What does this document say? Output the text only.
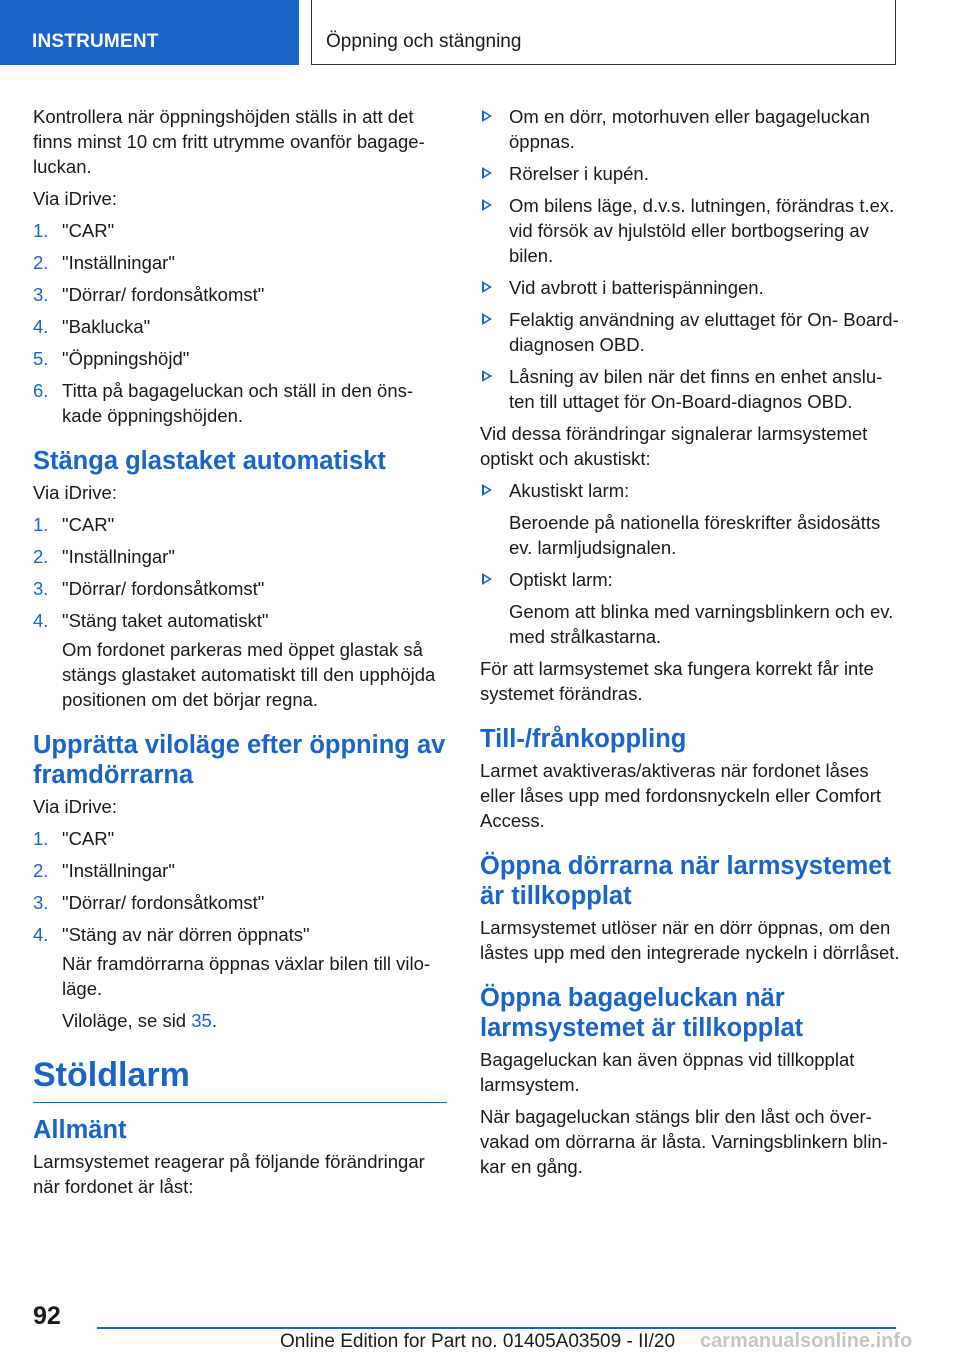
INSTRUMENT	Öppning och stängning
Kontrollera när öppningshöjden ställs in att det finns minst 10 cm fritt utrymme ovanför bagage- luckan.
Via iDrive:
1. "CAR"
2. "Inställningar"
3. "Dörrar/ fordonsåtkomst"
4. "Baklucka"
5. "Öppningshöjd"
6. Titta på bagageluckan och ställ in den öns- kade öppningshöjden.
Stänga glastaket automatiskt
Via iDrive:
1. "CAR"
2. "Inställningar"
3. "Dörrar/ fordonsåtkomst"
4. "Stäng taket automatiskt"
Om fordonet parkeras med öppet glastak så stängs glastaket automatiskt till den upphöjda positionen om det börjar regna.
Upprätta viloläge efter öppning av framdörrarna
Via iDrive:
1. "CAR"
2. "Inställningar"
3. "Dörrar/ fordonsåtkomst"
4. "Stäng av när dörren öppnats"
När framdörrarna öppnas växlar bilen till vilo- läge.
Viloläge, se sid 35.
Stöldlarm
Allmänt
Larmsystemet reagerar på följande förändringar när fordonet är låst:
Om en dörr, motorhuven eller bagageluckan öppnas.
Rörelser i kupén.
Om bilens läge, d.v.s. lutningen, förändras t.ex. vid försök av hjulstöld eller bortbogsering av bilen.
Vid avbrott i batterispänningen.
Felaktig användning av eluttaget för On- Board-diagnosen OBD.
Låsning av bilen när det finns en enhet anslu- ten till uttaget för On-Board-diagnos OBD.
Vid dessa förändringar signalerar larmsystemet optiskt och akustiskt:
Akustiskt larm:
Beroende på nationella föreskrifter åsidosätts ev. larmljudsignalen.
Optiskt larm:
Genom att blinka med varningsblinkern och ev. med strålkastarna.
För att larmsystemet ska fungera korrekt får inte systemet förändras.
Till-/frånkoppling
Larmet avaktiveras/aktiveras när fordonet låses eller låses upp med fordonsnyckeln eller Comfort Access.
Öppna dörrarna när larmsystemet är tillkopplat
Larmsystemet utlöser när en dörr öppnas, om den låstes upp med den integrerade nyckeln i dörrlåset.
Öppna bagageluckan när larmsystemet är tillkopplat
Bagageluckan kan även öppnas vid tillkopplat larmsystem.
När bagageluckan stängs blir den låst och över- vakad om dörrarna är låsta. Varningsblinkern blin- kar en gång.
92
Online Edition for Part no. 01405A03509 - II/20 carmanualsonline.info
